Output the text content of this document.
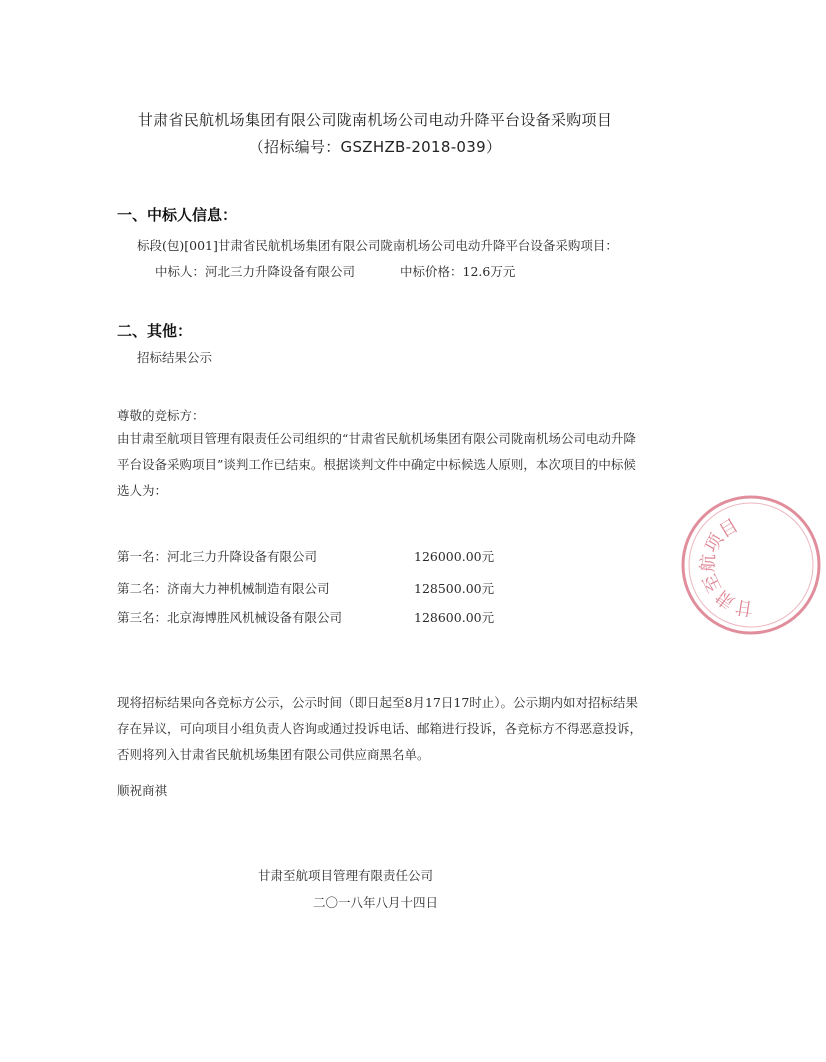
甘肃省民航机场集团有限公司陇南机场公司电动升降平台设备采购项目
（招标编号：GSZHZB-2018-039）
一、中标人信息：
标段(包)[001]甘肃省民航机场集团有限公司陇南机场公司电动升降平台设备采购项目：
中标人：河北三力升降设备有限公司	中标价格：12.6万元
二、其他：
招标结果公示
尊敬的竞标方：
由甘肃至航项目管理有限责任公司组织的“甘肃省民航机场集团有限公司陇南机场公司电动升降平台设备采购项目”谈判工作已结束。根据谈判文件中确定中标候选人原则，本次项目的中标候选人为：
第一名：河北三力升降设备有限公司	126000.00元
第二名：济南大力神机械制造有限公司	128500.00元
第三名：北京海博胜风机械设备有限公司	128600.00元
现将招标结果向各竞标方公示，公示时间（即日起至8月17日17时止）。公示期内如对招标结果存在异议，可向项目小组负责人咨询或通过投诉电话、邮箱进行投诉，各竞标方不得恶意投诉，否则将列入甘肃省民航机场集团有限公司供应商黑名单。
顺祝商祺
甘肃至航项目管理有限责任公司
二〇一八年八月十四日
甘肃至航项目
